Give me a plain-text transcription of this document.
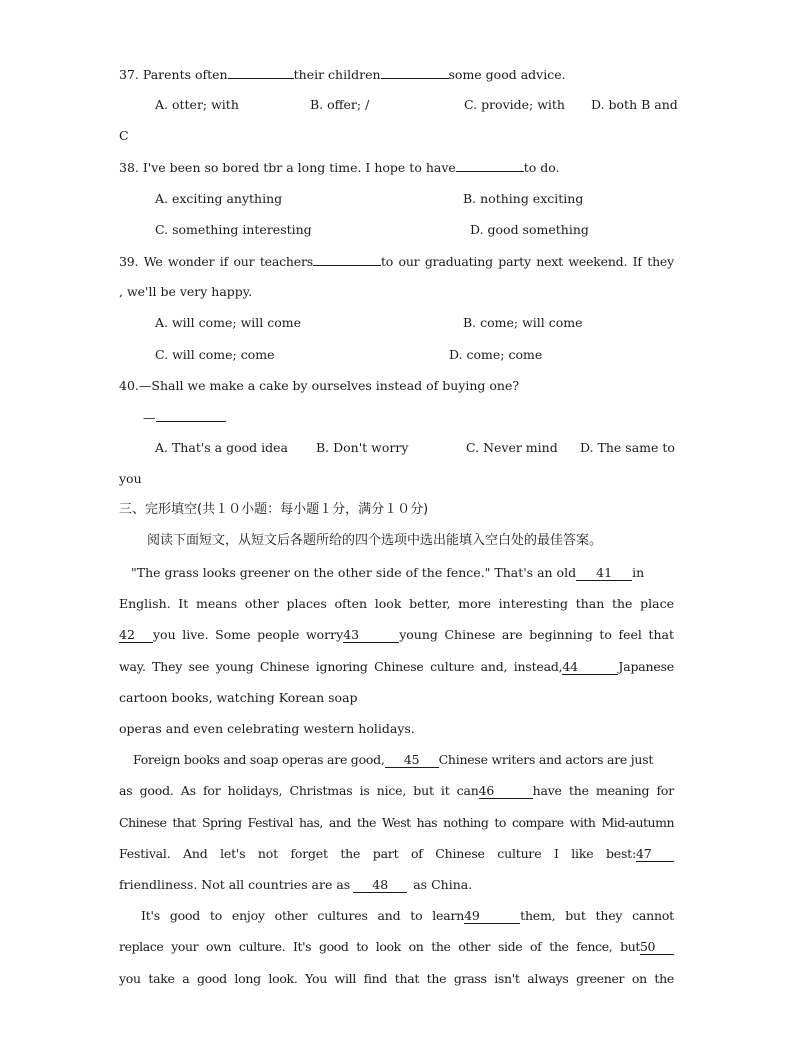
37. Parents often	their children	some good advice.
A. otter; with	B. offer; /	C. provide; with D. both B and
C
38. I've been so bored tbr a long time. I hope to have	to do.
A. exciting anything	B. nothing exciting
C. something interesting	D. good something
39. We wonder if our teachers	to our graduating party next weekend. If they
, we'll be very happy.
A. will come; will come	B. come; will come
C. will come; come	D. come; come
40.—Shall we make a cake by ourselves instead of buying one?
—
A. That's a good idea B. Don't worry	C. Never mind D. The same to
you
三、完形填空(共１０小题：每小题１分，满分１０分)
阅读下面短文，从短文后各题所给的四个选项中选出能填入空白处的最佳答案。
"The grass looks greener on the other side of the fence." That's an old 41 in
English. It means other places often look better, more interesting than the place
42 you live. Some people worry43	young Chinese are beginning to feel that
way. They see young Chinese ignoring Chinese culture and, instead,44	Japanese
cartoon books, watching Korean soap
operas and even celebrating western holidays.
Foreign books and soap operas are good, 45 Chinese writers and actors are just
as good. As for holidays, Christmas is nice, but it can46	have the meaning for
Chinese that Spring Festival has, and the West has nothing to compare with Mid-autumn
Festival. And let's not forget the part of Chinese culture I like best:47
friendliness. Not all countries are as 48 as China.
It's good to enjoy other cultures and to learn49	them, but they cannot
replace your own culture. It's good to look on the other side of the fence, but50
you take a good long look. You will find that the grass isn't always greener on the
